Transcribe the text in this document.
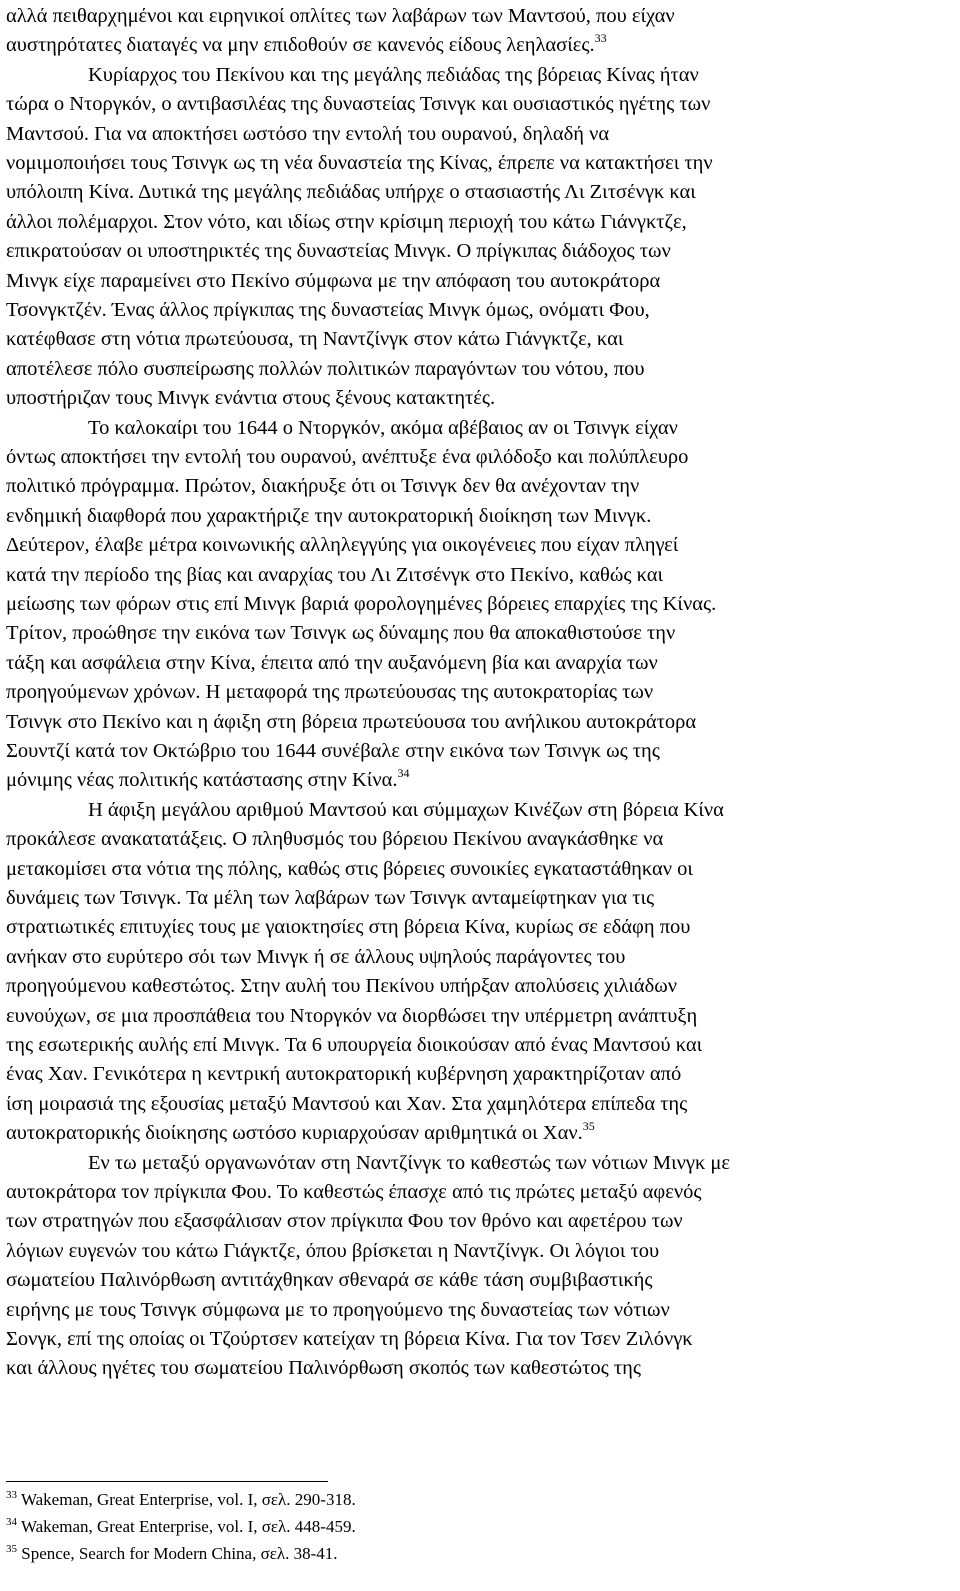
αλλά πειθαρχημένοι και ειρηνικοί οπλίτες των λαβάρων των Μαντσού, που είχαν
αυστηρότατες διαταγές να μην επιδοθούν σε κανενός είδους λεηλασίες.$^{33}$
Κυρίαρχος του Πεκίνου και της μεγάλης πεδιάδας της βόρειας Κίνας ήταν
τώρα ο Ντοργκόν, ο αντιβασιλέας της δυναστείας Τσινγκ και ουσιαστικός ηγέτης των
Μαντσού. Για να αποκτήσει ωστόσο την εντολή του ουρανού, δηλαδή να
νομιμοποιήσει τους Τσινγκ ως τη νέα δυναστεία της Κίνας, έπρεπε να κατακτήσει την
υπόλοιπη Κίνα. Δυτικά της μεγάλης πεδιάδας υπήρχε ο στασιαστής Λι Ζιτσένγκ και
άλλοι πολέμαρχοι. Στον νότο, και ιδίως στην κρίσιμη περιοχή του κάτω Γιάνγκτζε,
επικρατούσαν οι υποστηρικτές της δυναστείας Μινγκ. Ο πρίγκιπας διάδοχος των
Μινγκ είχε παραμείνει στο Πεκίνο σύμφωνα με την απόφαση του αυτοκράτορα
Τσονγκτζέν. Ένας άλλος πρίγκιπας της δυναστείας Μινγκ όμως, ονόματι Φου,
κατέφθασε στη νότια πρωτεύουσα, τη Ναντζίνγκ στον κάτω Γιάνγκτζε, και
αποτέλεσε πόλο συσπείρωσης πολλών πολιτικών παραγόντων του νότου, που
υποστήριζαν τους Μινγκ ενάντια στους ξένους κατακτητές.
Το καλοκαίρι του 1644 ο Ντοργκόν, ακόμα αβέβαιος αν οι Τσινγκ είχαν
όντως αποκτήσει την εντολή του ουρανού, ανέπτυξε ένα φιλόδοξο και πολύπλευρο
πολιτικό πρόγραμμα. Πρώτον, διακήρυξε ότι οι Τσινγκ δεν θα ανέχονταν την
ενδημική διαφθορά που χαρακτήριζε την αυτοκρατορική διοίκηση των Μινγκ.
Δεύτερον, έλαβε μέτρα κοινωνικής αλληλεγγύης για οικογένειες που είχαν πληγεί
κατά την περίοδο της βίας και αναρχίας του Λι Ζιτσένγκ στο Πεκίνο, καθώς και
μείωσης των φόρων στις επί Μινγκ βαριά φορολογημένες βόρειες επαρχίες της Κίνας.
Τρίτον, προώθησε την εικόνα των Τσινγκ ως δύναμης που θα αποκαθιστούσε την
τάξη και ασφάλεια στην Κίνα, έπειτα από την αυξανόμενη βία και αναρχία των
προηγούμενων χρόνων. Η μεταφορά της πρωτεύουσας της αυτοκρατορίας των
Τσινγκ στο Πεκίνο και η άφιξη στη βόρεια πρωτεύουσα του ανήλικου αυτοκράτορα
Σουντζί κατά τον Οκτώβριο του 1644 συνέβαλε στην εικόνα των Τσινγκ ως της
μόνιμης νέας πολιτικής κατάστασης στην Κίνα.$^{34}$
Η άφιξη μεγάλου αριθμού Μαντσού και σύμμαχων Κινέζων στη βόρεια Κίνα
προκάλεσε ανακατατάξεις. Ο πληθυσμός του βόρειου Πεκίνου αναγκάσθηκε να
μετακομίσει στα νότια της πόλης, καθώς στις βόρειες συνοικίες εγκαταστάθηκαν οι
δυνάμεις των Τσινγκ. Τα μέλη των λαβάρων των Τσινγκ ανταμείφτηκαν για τις
στρατιωτικές επιτυχίες τους με γαιοκτησίες στη βόρεια Κίνα, κυρίως σε εδάφη που
ανήκαν στο ευρύτερο σόι των Μινγκ ή σε άλλους υψηλούς παράγοντες του
προηγούμενου καθεστώτος. Στην αυλή του Πεκίνου υπήρξαν απολύσεις χιλιάδων
ευνούχων, σε μια προσπάθεια του Ντοργκόν να διορθώσει την υπέρμετρη ανάπτυξη
της εσωτερικής αυλής επί Μινγκ. Τα 6 υπουργεία διοικούσαν από ένας Μαντσού και
ένας Χαν. Γενικότερα η κεντρική αυτοκρατορική κυβέρνηση χαρακτηρίζοταν από
ίση μοιρασιά της εξουσίας μεταξύ Μαντσού και Χαν. Στα χαμηλότερα επίπεδα της
αυτοκρατορικής διοίκησης ωστόσο κυριαρχούσαν αριθμητικά οι Χαν.$^{35}$
Εν τω μεταξύ οργανωνόταν στη Ναντζίνγκ το καθεστώς των νότιων Μινγκ με
αυτοκράτορα τον πρίγκιπα Φου. Το καθεστώς έπασχε από τις πρώτες μεταξύ αφενός
των στρατηγών που εξασφάλισαν στον πρίγκιπα Φου τον θρόνο και αφετέρου των
λόγιων ευγενών του κάτω Γιάγκτζε, όπου βρίσκεται η Ναντζίνγκ. Οι λόγιοι του
σωματείου Παλινόρθωση αντιτάχθηκαν σθεναρά σε κάθε τάση συμβιβαστικής
ειρήνης με τους Τσινγκ σύμφωνα με το προηγούμενο της δυναστείας των νότιων
Σονγκ, επί της οποίας οι Τζούρτσεν κατείχαν τη βόρεια Κίνα. Για τον Τσεν Ζιλόνγκ
και άλλους ηγέτες του σωματείου Παλινόρθωση σκοπός των καθεστώτος της
$^{33}$ Wakeman, Great Enterprise, vol. I, σελ. 290-318.
$^{34}$ Wakeman, Great Enterprise, vol. I, σελ. 448-459.
$^{35}$ Spence, Search for Modern China, σελ. 38-41.
